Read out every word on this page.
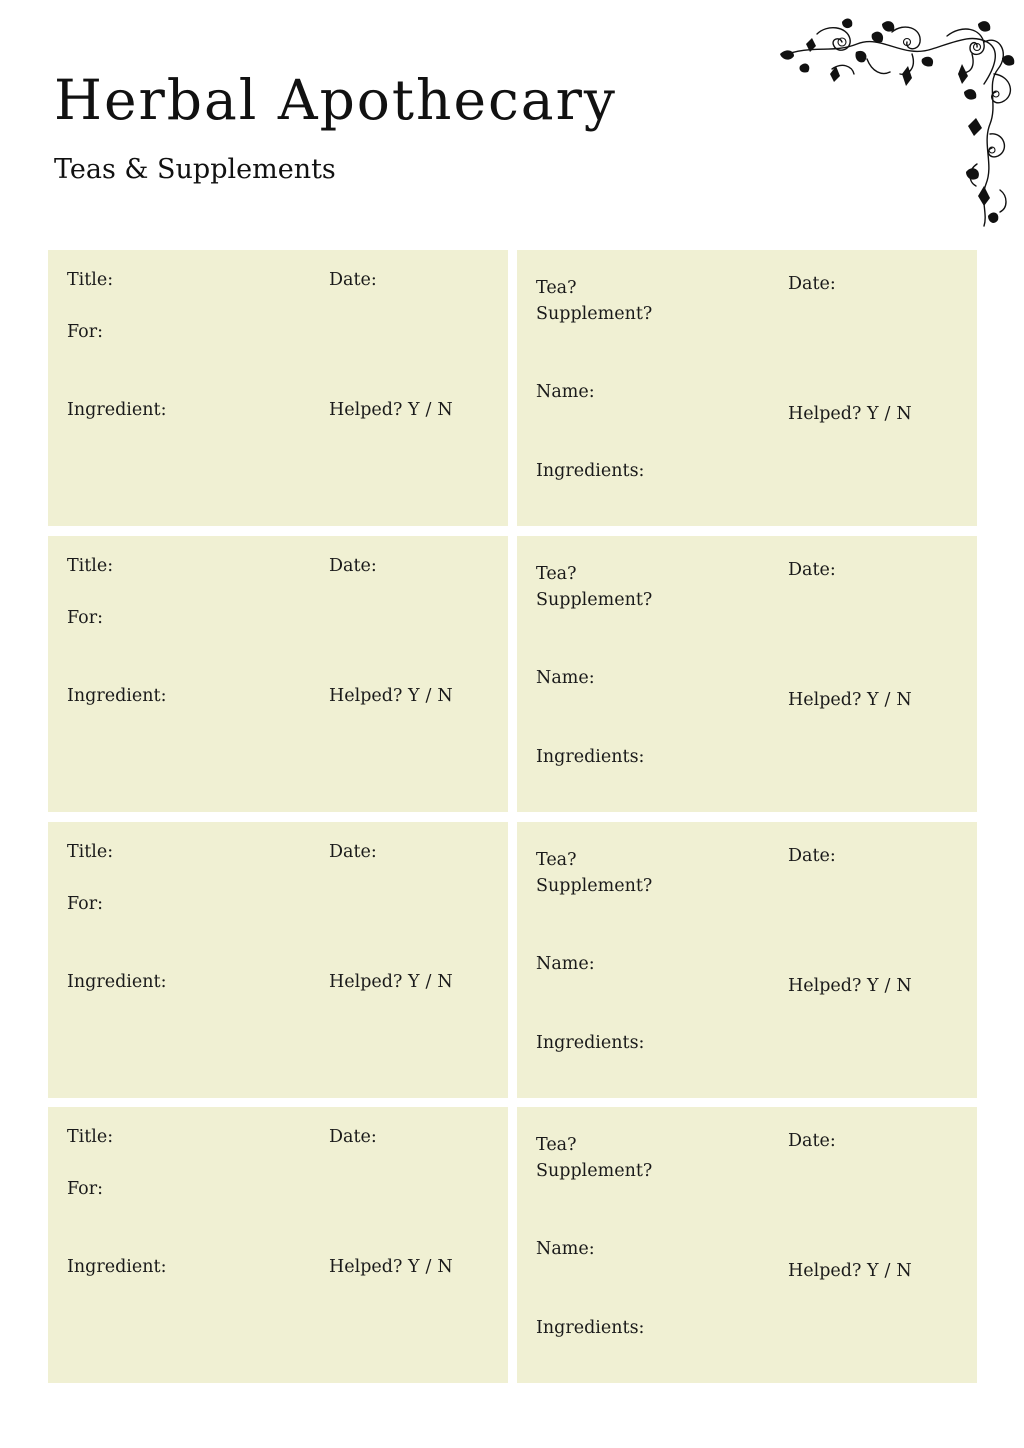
Herbal Apothecary
Teas & Supplements
Title:	Date:
For:
Ingredient:	Helped? Y / N
Tea?
Supplement?
Date:
Name:
Helped? Y / N
Ingredients:
Title:	Date:
For:
Ingredient:	Helped? Y / N
Tea?
Supplement?
Date:
Name:
Helped? Y / N
Ingredients:
Title:	Date:
For:
Ingredient:	Helped? Y / N
Tea?
Supplement?
Date:
Name:
Helped? Y / N
Ingredients:
Title:	Date:
For:
Ingredient:	Helped? Y / N
Tea?
Supplement?
Date:
Name:
Helped? Y / N
Ingredients:
